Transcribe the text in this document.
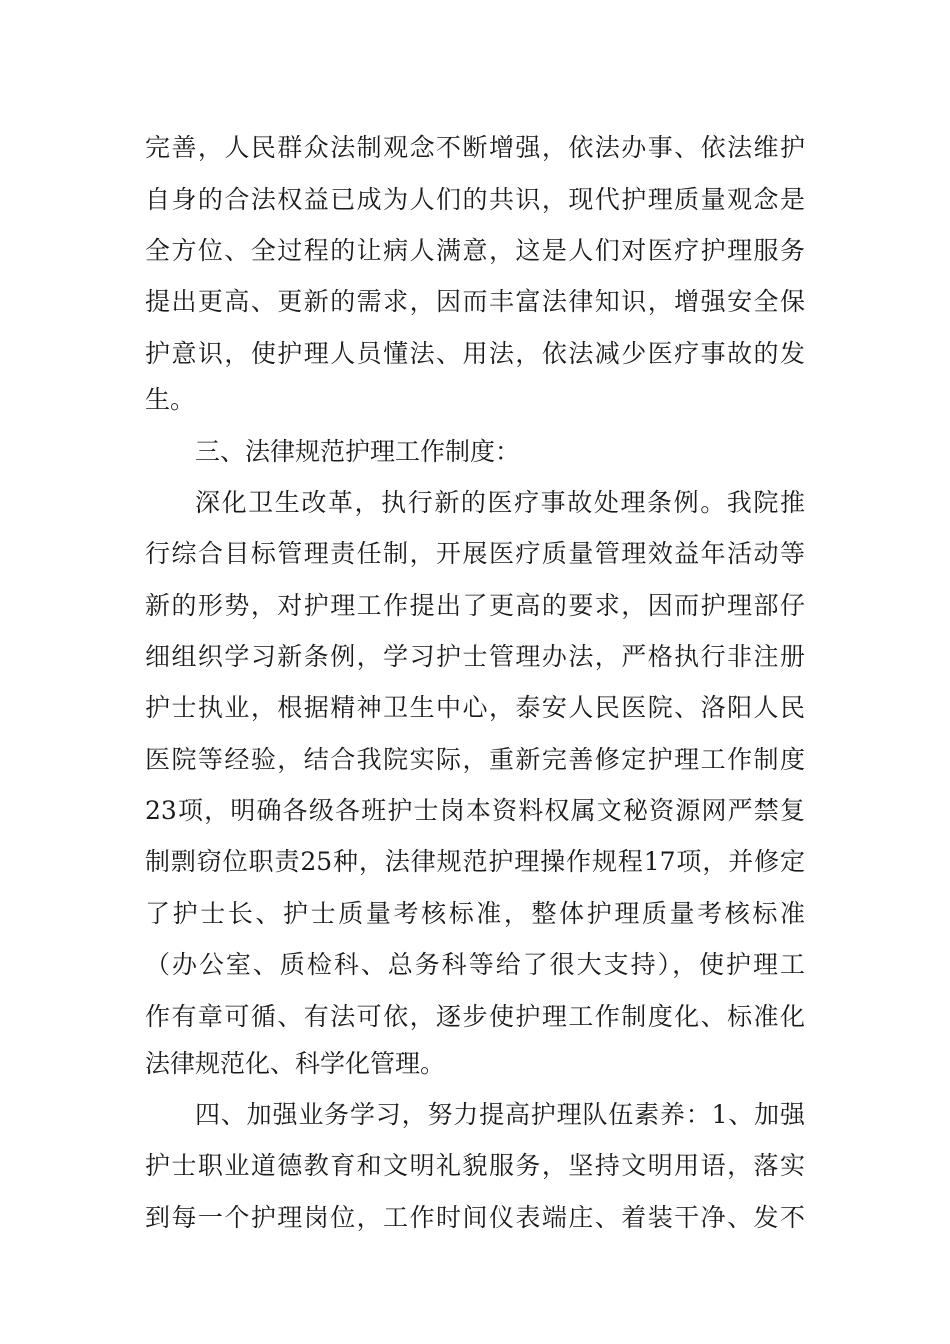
完善，人民群众法制观念不断增强，依法办事、依法维护
自身的合法权益已成为人们的共识，现代护理质量观念是
全方位、全过程的让病人满意，这是人们对医疗护理服务
提出更高、更新的需求，因而丰富法律知识，增强安全保
护意识，使护理人员懂法、用法，依法减少医疗事故的发
生。
三、法律规范护理工作制度：
深化卫生改革，执行新的医疗事故处理条例。我院推
行综合目标管理责任制，开展医疗质量管理效益年活动等
新的形势，对护理工作提出了更高的要求，因而护理部仔
细组织学习新条例，学习护士管理办法，严格执行非注册
护士执业，根据精神卫生中心，泰安人民医院、洛阳人民
医院等经验，结合我院实际，重新完善修定护理工作制度
23项，明确各级各班护士岗本资料权属文秘资源网严禁复
制剽窃位职责25种，法律规范护理操作规程17项，并修定
了护士长、护士质量考核标准，整体护理质量考核标准
（办公室、质检科、总务科等给了很大支持），使护理工
作有章可循、有法可依，逐步使护理工作制度化、标准化
法律规范化、科学化管理。
四、加强业务学习，努力提高护理队伍素养：1、加强
护士职业道德教育和文明礼貌服务，坚持文明用语，落实
到每一个护理岗位，工作时间仪表端庄、着装干净、发不
